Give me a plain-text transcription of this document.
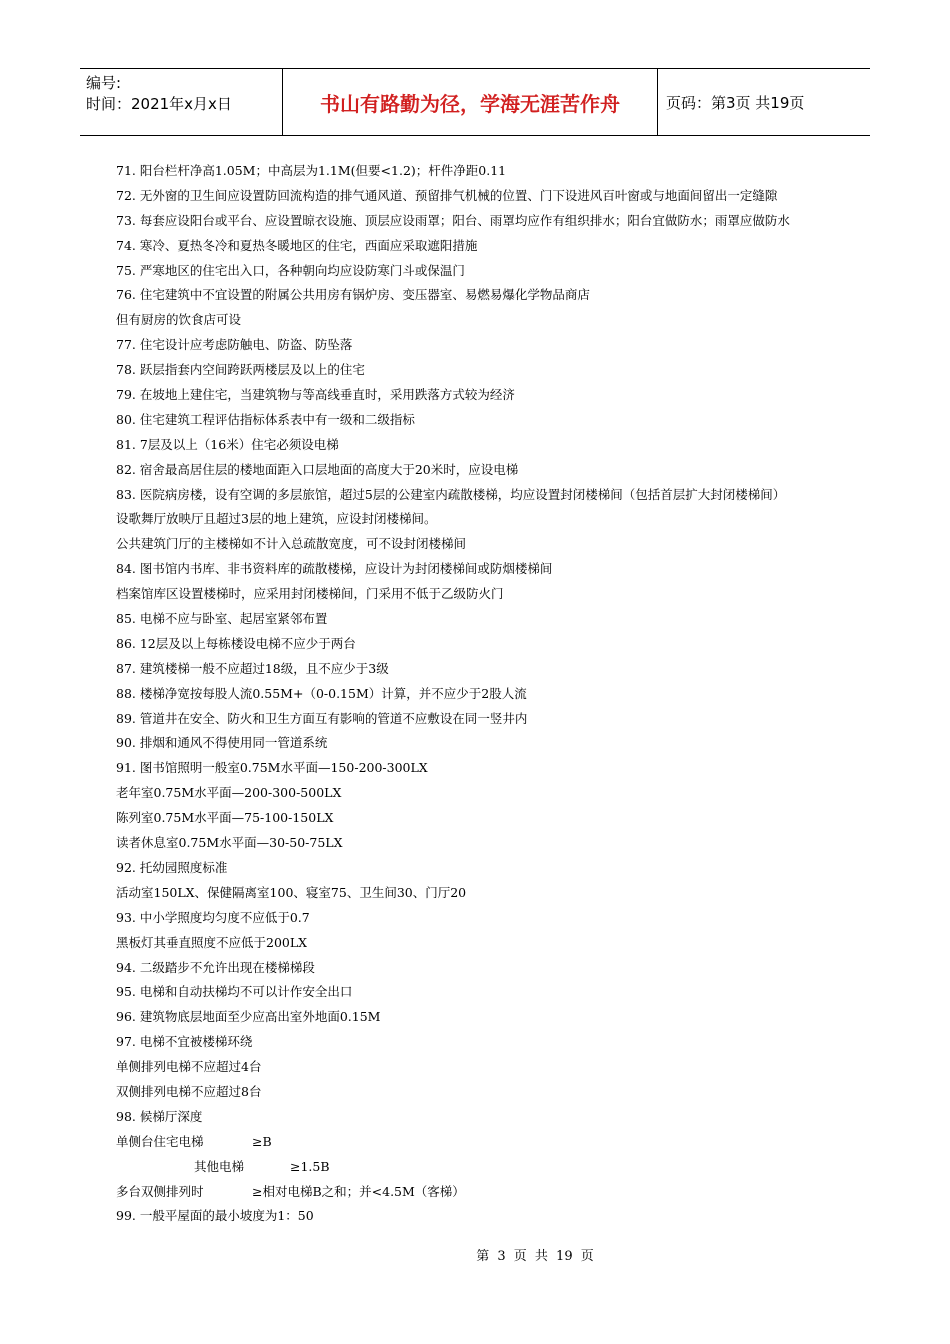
编号:
时间：2021年x月x日	书山有路勤为径，学海无涯苦作舟	页码：第3页 共19页
71. 阳台栏杆净高1.05M；中高层为1.1M(但要<1.2)；杆件净距0.11
72. 无外窗的卫生间应设置防回流构造的排气通风道、预留排气机械的位置、门下设进风百叶窗或与地面间留出一定缝隙
73. 每套应设阳台或平台、应设置晾衣设施、顶层应设雨罩；阳台、雨罩均应作有组织排水；阳台宜做防水；雨罩应做防水
74. 寒冷、夏热冬冷和夏热冬暖地区的住宅，西面应采取遮阳措施
75. 严寒地区的住宅出入口，各种朝向均应设防寒门斗或保温门
76. 住宅建筑中不宜设置的附属公共用房有锅炉房、变压器室、易燃易爆化学物品商店
但有厨房的饮食店可设
77. 住宅设计应考虑防触电、防盗、防坠落
78. 跃层指套内空间跨跃两楼层及以上的住宅
79. 在坡地上建住宅，当建筑物与等高线垂直时，采用跌落方式较为经济
80. 住宅建筑工程评估指标体系表中有一级和二级指标
81. 7层及以上（16米）住宅必须设电梯
82. 宿舍最高居住层的楼地面距入口层地面的高度大于20米时，应设电梯
83. 医院病房楼，设有空调的多层旅馆，超过5层的公建室内疏散楼梯，均应设置封闭楼梯间（包括首层扩大封闭楼梯间）
设歌舞厅放映厅且超过3层的地上建筑，应设封闭楼梯间。
公共建筑门厅的主楼梯如不计入总疏散宽度，可不设封闭楼梯间
84. 图书馆内书库、非书资料库的疏散楼梯，应设计为封闭楼梯间或防烟楼梯间
档案馆库区设置楼梯时，应采用封闭楼梯间，门采用不低于乙级防火门
85. 电梯不应与卧室、起居室紧邻布置
86. 12层及以上每栋楼设电梯不应少于两台
87. 建筑楼梯一般不应超过18级，且不应少于3级
88. 楼梯净宽按每股人流0.55M+（0-0.15M）计算，并不应少于2股人流
89. 管道井在安全、防火和卫生方面互有影响的管道不应敷设在同一竖井内
90. 排烟和通风不得使用同一管道系统
91. 图书馆照明一般室0.75M水平面—150-200-300LX
老年室0.75M水平面—200-300-500LX
陈列室0.75M水平面—75-100-150LX
读者休息室0.75M水平面—30-50-75LX
92. 托幼园照度标准
活动室150LX、保健隔离室100、寝室75、卫生间30、门厅20
93. 中小学照度均匀度不应低于0.7
黑板灯其垂直照度不应低于200LX
94. 二级踏步不允许出现在楼梯梯段
95. 电梯和自动扶梯均不可以计作安全出口
96. 建筑物底层地面至少应高出室外地面0.15M
97. 电梯不宜被楼梯环绕
单侧排列电梯不应超过4台
双侧排列电梯不应超过8台
98. 候梯厅深度
单侧台住宅电梯	≥B
其他电梯	≥1.5B
多台双侧排列时	≥相对电梯B之和；并<4.5M（客梯）
99. 一般平屋面的最小坡度为1：50
第 3 页 共 19 页
